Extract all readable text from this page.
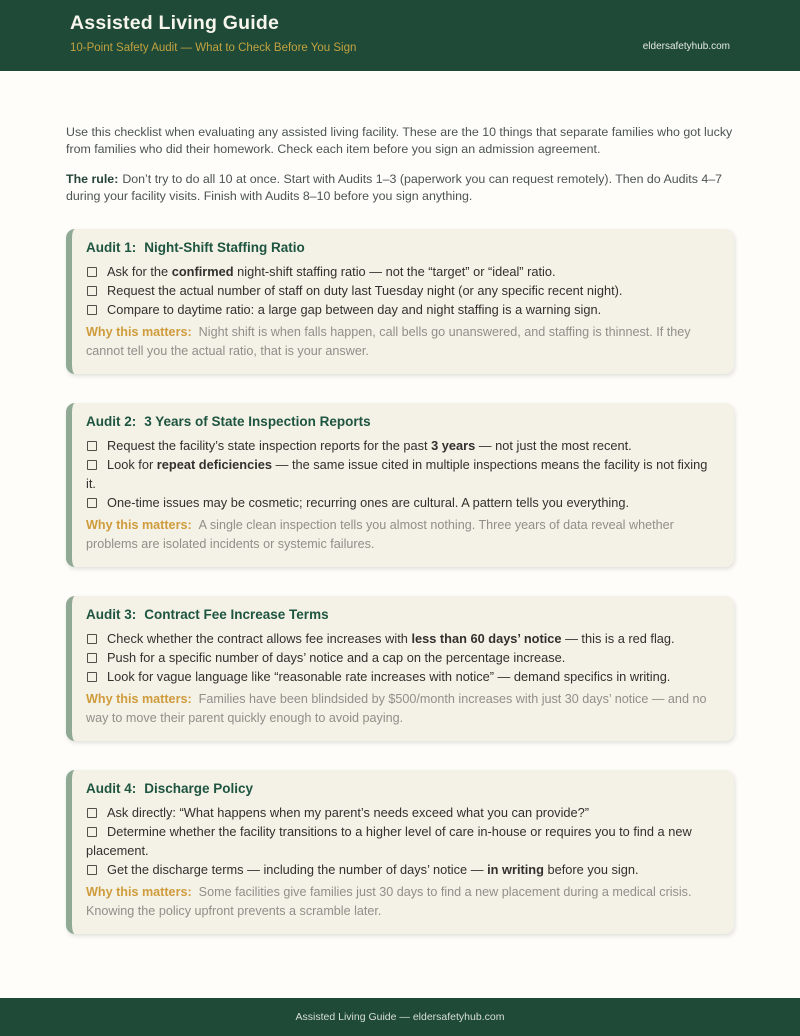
Assisted Living Guide
10-Point Safety Audit — What to Check Before You Sign	eldersafetyhub.com

Use this checklist when evaluating any assisted living facility. These are the 10 things that separate families who got lucky from families who did their homework. Check each item before you sign an admission agreement.

The rule: Don’t try to do all 10 at once. Start with Audits 1–3 (paperwork you can request remotely). Then do Audits 4–7 during your facility visits. Finish with Audits 8–10 before you sign anything.

Audit 1: Night-Shift Staffing Ratio
Ask for the confirmed night-shift staffing ratio — not the “target” or “ideal” ratio.
Request the actual number of staff on duty last Tuesday night (or any specific recent night).
Compare to daytime ratio: a large gap between day and night staffing is a warning sign.
Why this matters: Night shift is when falls happen, call bells go unanswered, and staffing is thinnest. If they cannot tell you the actual ratio, that is your answer.
Audit 2: 3 Years of State Inspection Reports
Request the facility’s state inspection reports for the past 3 years — not just the most recent.
Look for repeat deficiencies — the same issue cited in multiple inspections means the facility is not fixing it.
One-time issues may be cosmetic; recurring ones are cultural. A pattern tells you everything.
Why this matters: A single clean inspection tells you almost nothing. Three years of data reveal whether problems are isolated incidents or systemic failures.
Audit 3: Contract Fee Increase Terms
Check whether the contract allows fee increases with less than 60 days’ notice — this is a red flag.
Push for a specific number of days’ notice and a cap on the percentage increase.
Look for vague language like “reasonable rate increases with notice” — demand specifics in writing.
Why this matters: Families have been blindsided by $500/month increases with just 30 days’ notice — and no way to move their parent quickly enough to avoid paying.
Audit 4: Discharge Policy
Ask directly: “What happens when my parent’s needs exceed what you can provide?”
Determine whether the facility transitions to a higher level of care in-house or requires you to find a new placement.
Get the discharge terms — including the number of days’ notice — in writing before you sign.
Why this matters: Some facilities give families just 30 days to find a new placement during a medical crisis. Knowing the policy upfront prevents a scramble later.
Assisted Living Guide — eldersafetyhub.com
